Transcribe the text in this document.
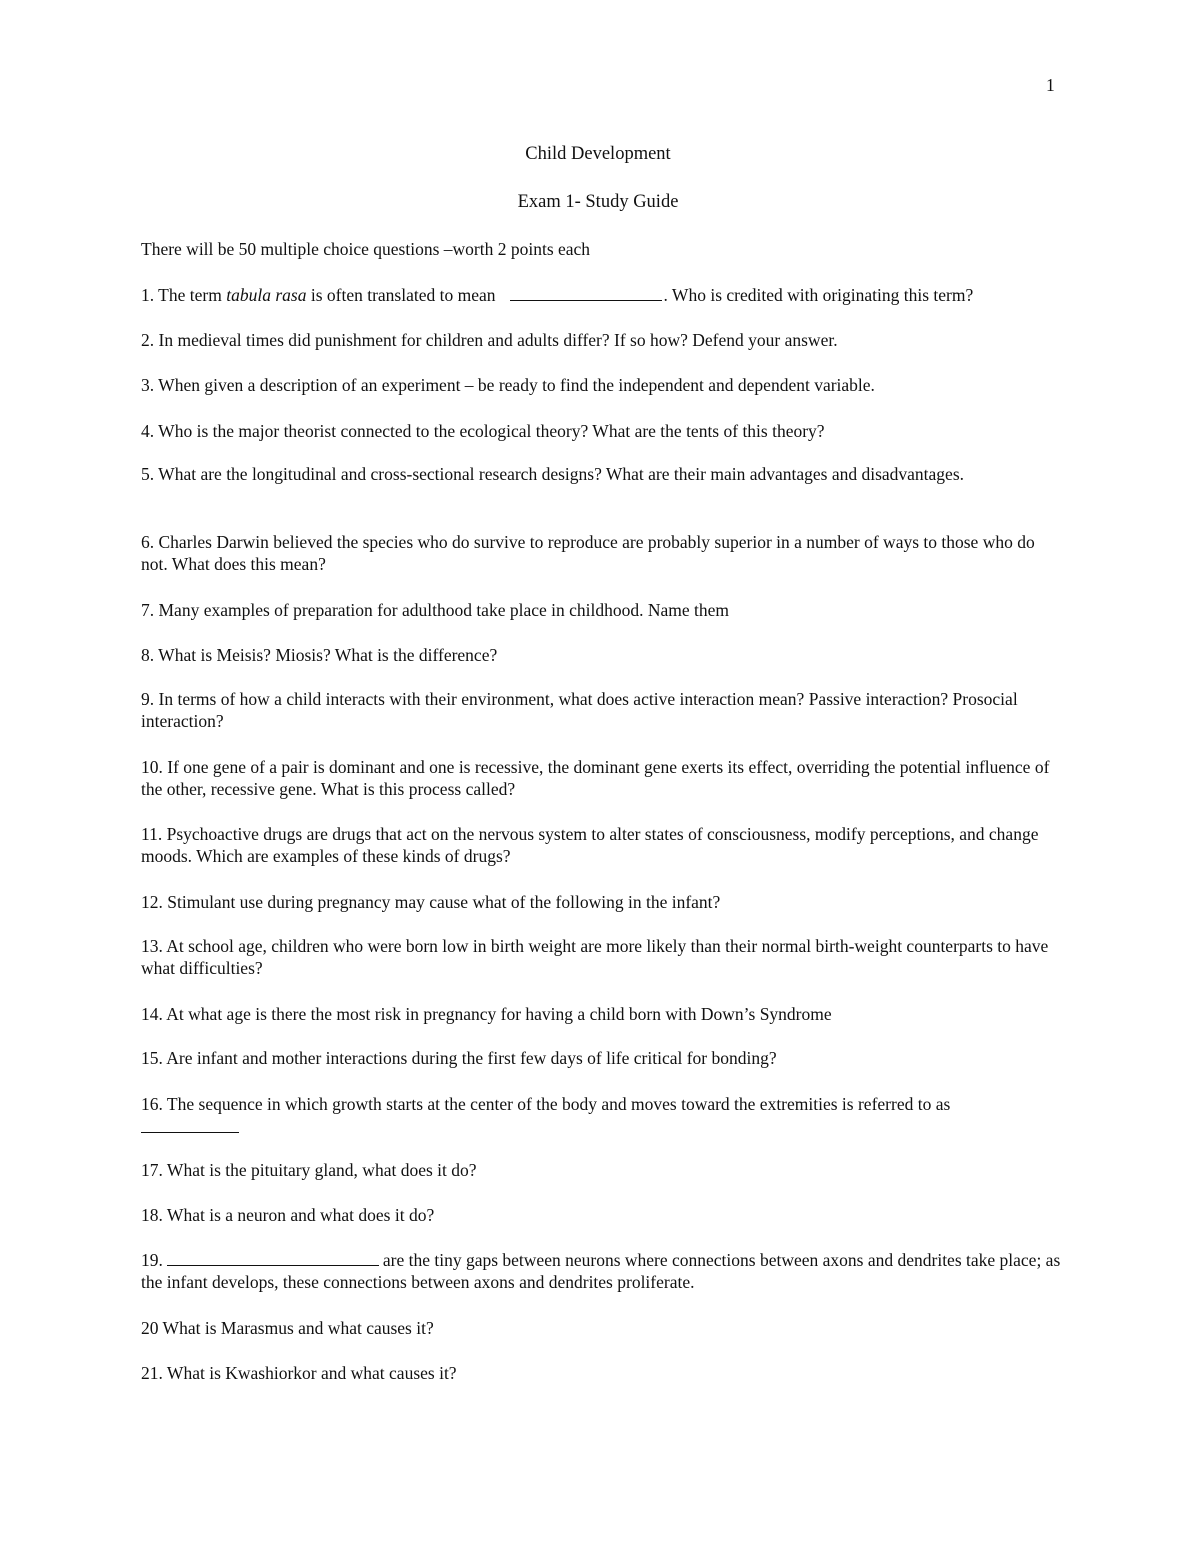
1
Child Development
Exam 1- Study Guide

There will be 50 multiple choice questions –worth 2 points each

1. The term tabula rasa is often translated to mean	. Who is credited with originating this term?

2. In medieval times did punishment for children and adults differ? If so how? Defend your answer.

3. When given a description of an experiment – be ready to find the independent and dependent variable.

4. Who is the major theorist connected to the ecological theory? What are the tents of this theory?

5. What are the longitudinal and cross-sectional research designs? What are their main advantages and disadvantages.

6. Charles Darwin believed the species who do survive to reproduce are probably superior in a number of ways to those who do not. What does this mean?

7. Many examples of preparation for adulthood take place in childhood. Name them

8. What is Meisis? Miosis? What is the difference?

9. In terms of how a child interacts with their environment, what does active interaction mean? Passive interaction? Prosocial interaction?

10. If one gene of a pair is dominant and one is recessive, the dominant gene exerts its effect, overriding the potential influence of the other, recessive gene. What is this process called?

11. Psychoactive drugs are drugs that act on the nervous system to alter states of consciousness, modify perceptions, and change moods. Which are examples of these kinds of drugs?

12. Stimulant use during pregnancy may cause what of the following in the infant?

13. At school age, children who were born low in birth weight are more likely than their normal birth-weight counterparts to have what difficulties?

14. At what age is there the most risk in pregnancy for having a child born with Down’s Syndrome

15. Are infant and mother interactions during the first few days of life critical for bonding?

16. The sequence in which growth starts at the center of the body and moves toward the extremities is referred to as

17. What is the pituitary gland, what does it do?

18. What is a neuron and what does it do?

19.	are the tiny gaps between neurons where connections between axons and dendrites take place; as the infant develops, these connections between axons and dendrites proliferate.

20 What is Marasmus and what causes it?

21. What is Kwashiorkor and what causes it?
